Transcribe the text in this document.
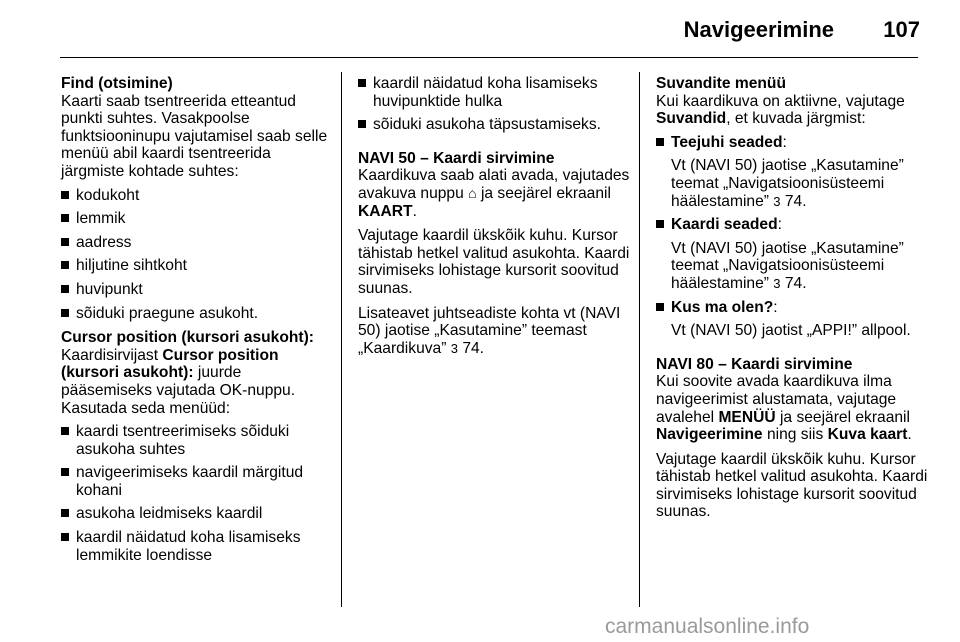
Navigeerimine 107

Find (otsimine)

Kaarti saab tsentreerida etteantud punkti suhtes. Vasakpoolse funktsiooninupu vajutamisel saab selle menüü abil kaardi tsentreerida järgmiste kohtade suhtes:

kodukoht
lemmik
aadress
hiljutine sihtkoht
huvipunkt
sõiduki praegune asukoht.

Cursor position (kursori asukoht):

Kaardisirvijast Cursor position (kursori asukoht): juurde pääsemiseks vajutada OK-nuppu. Kasutada seda menüüd:

kaardi tsentreerimiseks sõiduki asukoha suhtes
navigeerimiseks kaardil märgitud kohani
asukoha leidmiseks kaardil
kaardil näidatud koha lisamiseks lemmikite loendisse
kaardil näidatud koha lisamiseks huvipunktide hulka
sõiduki asukoha täpsustamiseks.

NAVI 50 – Kaardi sirvimine

Kaardikuva saab alati avada, vajutades avakuva nuppu ⌂ ja seejärel ekraanil KAART.

Vajutage kaardil ükskõik kuhu. Kursor tähistab hetkel valitud asukohta. Kaardi sirvimiseks lohistage kursorit soovitud suunas.

Lisateavet juhtseadiste kohta vt (NAVI 50) jaotise „Kasutamine” teemast „Kaardikuva” 3 74.

Suvandite menüü

Kui kaardikuva on aktiivne, vajutage Suvandid, et kuvada järgmist:

Teejuhi seaded:
Vt (NAVI 50) jaotise „Kasutamine” teemat „Navigatsioonisüsteemi häälestamine” 3 74.
Kaardi seaded:
Vt (NAVI 50) jaotise „Kasutamine” teemat „Navigatsioonisüsteemi häälestamine” 3 74.
Kus ma olen?:
Vt (NAVI 50) jaotist „APPI!” allpool.

NAVI 80 – Kaardi sirvimine

Kui soovite avada kaardikuva ilma navigeerimist alustamata, vajutage avalehel MENÜÜ ja seejärel ekraanil Navigeerimine ning siis Kuva kaart.

Vajutage kaardil ükskõik kuhu. Kursor tähistab hetkel valitud asukohta. Kaardi sirvimiseks lohistage kursorit soovitud suunas.

carmanualsonline.info
